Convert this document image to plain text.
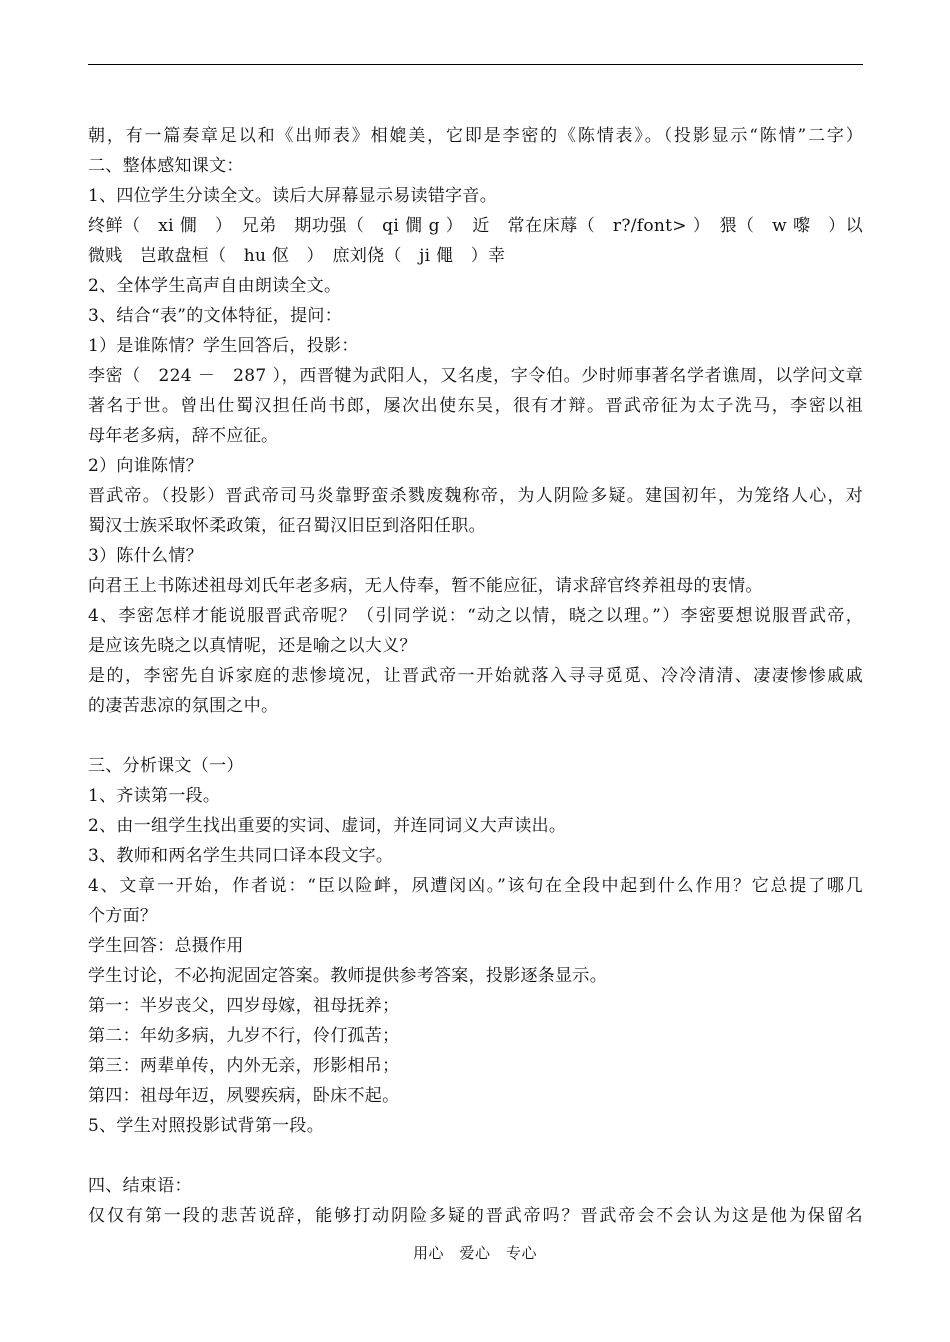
朝，有一篇奏章足以和《出师表》相媲美，它即是李密的《陈情表》。（投影显示“陈情”二字）
二、整体感知课文：
1、四位学生分读全文。读后大屏幕显示易读错字音。
终鲜（　xi 僩　）　兄弟　期功强（　qi 僩 g ）　近　常在床蓐（　r?/font> ）　猥（　w 嚟　）以
微贱　岂敢盘桓（　hu 伛　）　庶刘侥（　ji 僶　）幸
2、全体学生高声自由朗读全文。
3、结合“表”的文体特征，提问：
1）是谁陈情？学生回答后，投影：
李密（　224 －　287 ），西晋犍为武阳人，又名虔，字令伯。少时师事著名学者谯周，以学问文章
著名于世。曾出仕蜀汉担任尚书郎，屡次出使东吴，很有才辩。晋武帝征为太子洗马，李密以祖
母年老多病，辞不应征。
2）向谁陈情？
晋武帝。（投影）晋武帝司马炎靠野蛮杀戮废魏称帝，为人阴险多疑。建国初年，为笼络人心，对
蜀汉士族采取怀柔政策，征召蜀汉旧臣到洛阳任职。
3）陈什么情？
向君王上书陈述祖母刘氏年老多病，无人侍奉，暂不能应征，请求辞官终养祖母的衷情。
4、李密怎样才能说服晋武帝呢？（引同学说：“动之以情，晓之以理。”）李密要想说服晋武帝，
是应该先晓之以真情呢，还是喻之以大义？
是的，李密先自诉家庭的悲惨境况，让晋武帝一开始就落入寻寻觅觅、冷冷清清、凄凄惨惨戚戚
的凄苦悲凉的氛围之中。
三、分析课文（一）
1、齐读第一段。
2、由一组学生找出重要的实词、虚词，并连同词义大声读出。
3、教师和两名学生共同口译本段文字。
4、文章一开始，作者说：“臣以险衅，夙遭闵凶。”该句在全段中起到什么作用？它总提了哪几
个方面？
学生回答：总摄作用
学生讨论，不必拘泥固定答案。教师提供参考答案，投影逐条显示。
第一：半岁丧父，四岁母嫁，祖母抚养；
第二：年幼多病，九岁不行，伶仃孤苦；
第三：两辈单传，内外无亲，形影相吊；
第四：祖母年迈，夙婴疾病，卧床不起。
5、学生对照投影试背第一段。
四、结束语：
仅仅有第一段的悲苦说辞，能够打动阴险多疑的晋武帝吗？晋武帝会不会认为这是他为保留名
用心　爱心　专心
